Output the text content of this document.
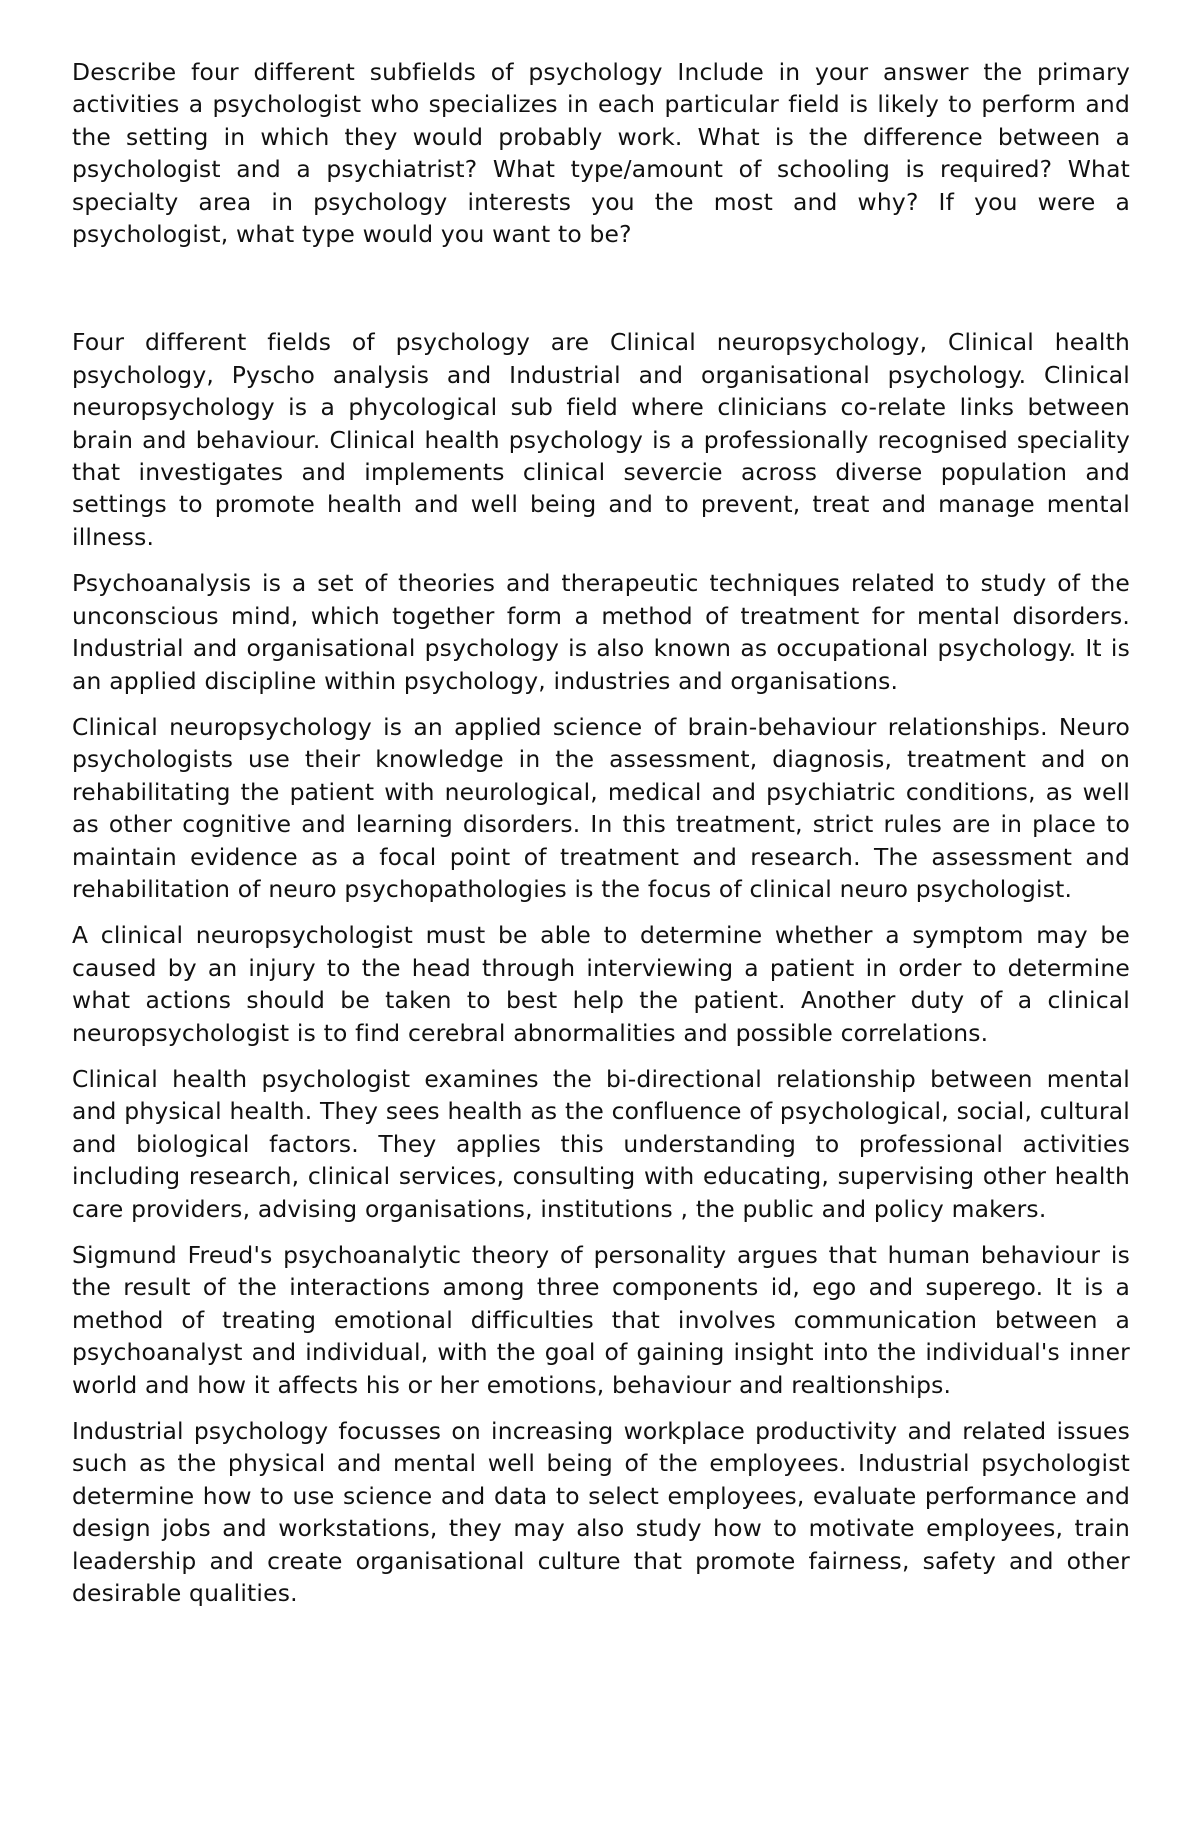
Describe four different subfields of psychology Include in your answer the primary activities a psychologist who specializes in each particular field is likely to perform and the setting in which they would probably work. What is the difference between a psychologist and a psychiatrist? What type/amount of schooling is required? What specialty area in psychology interests you the most and why? If you were a psychologist, what type would you want to be?

Four different fields of psychology are Clinical neuropsychology, Clinical health psychology, Pyscho analysis and Industrial and organisational psychology. Clinical neuropsychology is a phycological sub field where clinicians co-relate links between brain and behaviour. Clinical health psychology is a professionally recognised speciality that investigates and implements clinical severcie across diverse population and settings to promote health and well being and to prevent, treat and manage mental illness.

Psychoanalysis is a set of theories and therapeutic techniques related to study of the unconscious mind, which together form a method of treatment for mental disorders. Industrial and organisational psychology is also known as occupational psychology. It is an applied discipline within psychology, industries and organisations.

Clinical neuropsychology is an applied science of brain-behaviour relationships. Neuro psychologists use their knowledge in the assessment, diagnosis, treatment and on rehabilitating the patient with neurological, medical and psychiatric conditions, as well as other cognitive and learning disorders. In this treatment, strict rules are in place to maintain evidence as a focal point of treatment and research. The assessment and rehabilitation of neuro psychopathologies is the focus of clinical neuro psychologist.

A clinical neuropsychologist must be able to determine whether a symptom may be caused by an injury to the head through interviewing a patient in order to determine what actions should be taken to best help the patient. Another duty of a clinical neuropsychologist is to find cerebral abnormalities and possible correlations.

Clinical health psychologist examines the bi-directional relationship between mental and physical health. They sees health as the confluence of psychological, social, cultural and biological factors. They applies this understanding to professional activities including research, clinical services, consulting with educating, supervising other health care providers, advising organisations, institutions , the public and policy makers.

Sigmund Freud's psychoanalytic theory of personality argues that human behaviour is the result of the interactions among three components id, ego and superego. It is a method of treating emotional difficulties that involves communication between a psychoanalyst and individual, with the goal of gaining insight into the individual's inner world and how it affects his or her emotions, behaviour and realtionships.

Industrial psychology focusses on increasing workplace productivity and related issues such as the physical and mental well being of the employees. Industrial psychologist determine how to use science and data to select employees, evaluate performance and design jobs and workstations, they may also study how to motivate employees, train leadership and create organisational culture that promote fairness, safety and other desirable qualities.
